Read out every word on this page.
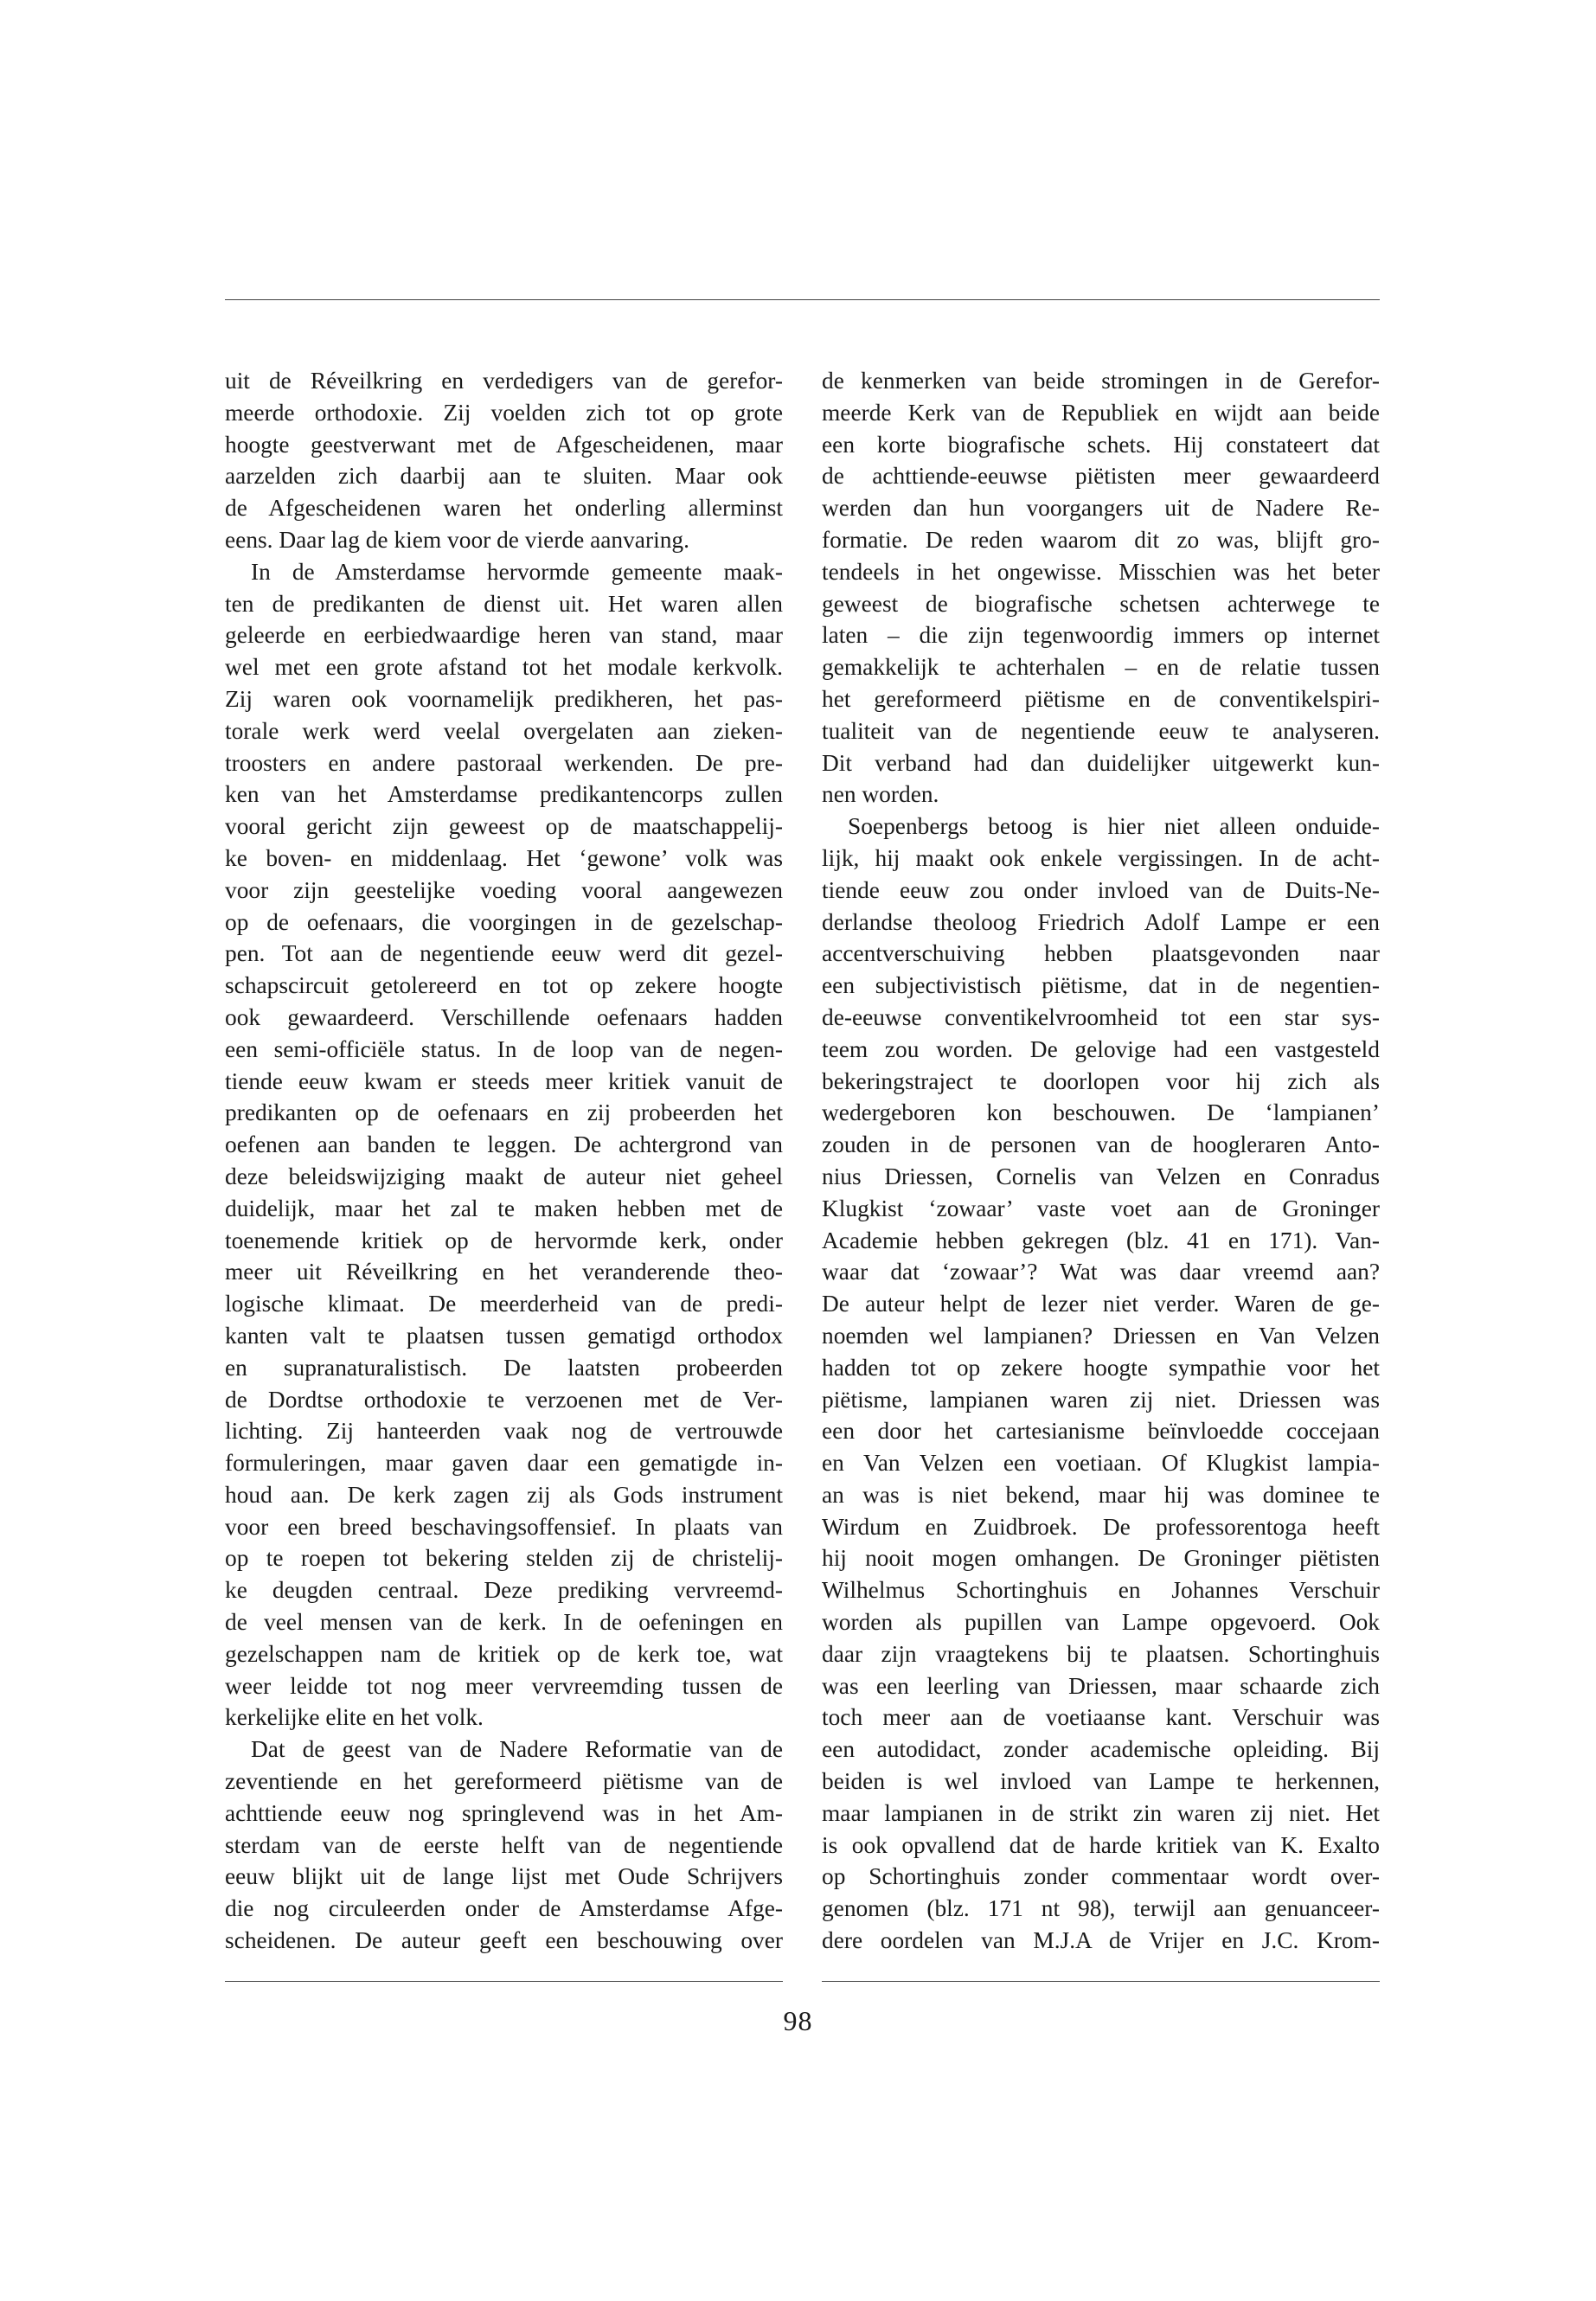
uit de Réveilkring en verdedigers van de gerefor-
meerde orthodoxie. Zij voelden zich tot op grote
hoogte geestverwant met de Afgescheidenen, maar
aarzelden zich daarbij aan te sluiten. Maar ook
de Afgescheidenen waren het onderling allerminst
eens. Daar lag de kiem voor de vierde aanvaring.
In de Amsterdamse hervormde gemeente maak-
ten de predikanten de dienst uit. Het waren allen
geleerde en eerbiedwaardige heren van stand, maar
wel met een grote afstand tot het modale kerkvolk.
Zij waren ook voornamelijk predikheren, het pas-
torale werk werd veelal overgelaten aan zieken-
troosters en andere pastoraal werkenden. De pre-
ken van het Amsterdamse predikantencorps zullen
vooral gericht zijn geweest op de maatschappelij-
ke boven- en middenlaag. Het ‘gewone’ volk was
voor zijn geestelijke voeding vooral aangewezen
op de oefenaars, die voorgingen in de gezelschap-
pen. Tot aan de negentiende eeuw werd dit gezel-
schapscircuit getolereerd en tot op zekere hoogte
ook gewaardeerd. Verschillende oefenaars hadden
een semi-officiële status. In de loop van de negen-
tiende eeuw kwam er steeds meer kritiek vanuit de
predikanten op de oefenaars en zij probeerden het
oefenen aan banden te leggen. De achtergrond van
deze beleidswijziging maakt de auteur niet geheel
duidelijk, maar het zal te maken hebben met de
toenemende kritiek op de hervormde kerk, onder
meer uit Réveilkring en het veranderende theo-
logische klimaat. De meerderheid van de predi-
kanten valt te plaatsen tussen gematigd orthodox
en supranaturalistisch. De laatsten probeerden
de Dordtse orthodoxie te verzoenen met de Ver-
lichting. Zij hanteerden vaak nog de vertrouwde
formuleringen, maar gaven daar een gematigde in-
houd aan. De kerk zagen zij als Gods instrument
voor een breed beschavingsoffensief. In plaats van
op te roepen tot bekering stelden zij de christelij-
ke deugden centraal. Deze prediking vervreemd-
de veel mensen van de kerk. In de oefeningen en
gezelschappen nam de kritiek op de kerk toe, wat
weer leidde tot nog meer vervreemding tussen de
kerkelijke elite en het volk.
Dat de geest van de Nadere Reformatie van de
zeventiende en het gereformeerd piëtisme van de
achttiende eeuw nog springlevend was in het Am-
sterdam van de eerste helft van de negentiende
eeuw blijkt uit de lange lijst met Oude Schrijvers
die nog circuleerden onder de Amsterdamse Afge-
scheidenen. De auteur geeft een beschouwing over
de kenmerken van beide stromingen in de Gerefor-
meerde Kerk van de Republiek en wijdt aan beide
een korte biografische schets. Hij constateert dat
de achttiende-eeuwse piëtisten meer gewaardeerd
werden dan hun voorgangers uit de Nadere Re-
formatie. De reden waarom dit zo was, blijft gro-
tendeels in het ongewisse. Misschien was het beter
geweest de biografische schetsen achterwege te
laten – die zijn tegenwoordig immers op internet
gemakkelijk te achterhalen – en de relatie tussen
het gereformeerd piëtisme en de conventikelspiri-
tualiteit van de negentiende eeuw te analyseren.
Dit verband had dan duidelijker uitgewerkt kun-
nen worden.
Soepenbergs betoog is hier niet alleen onduide-
lijk, hij maakt ook enkele vergissingen. In de acht-
tiende eeuw zou onder invloed van de Duits-Ne-
derlandse theoloog Friedrich Adolf Lampe er een
accentverschuiving hebben plaatsgevonden naar
een subjectivistisch piëtisme, dat in de negentien-
de-eeuwse conventikelvroomheid tot een star sys-
teem zou worden. De gelovige had een vastgesteld
bekeringstraject te doorlopen voor hij zich als
wedergeboren kon beschouwen. De ‘lampianen’
zouden in de personen van de hoogleraren Anto-
nius Driessen, Cornelis van Velzen en Conradus
Klugkist ‘zowaar’ vaste voet aan de Groninger
Academie hebben gekregen (blz. 41 en 171). Van-
waar dat ‘zowaar’? Wat was daar vreemd aan?
De auteur helpt de lezer niet verder. Waren de ge-
noemden wel lampianen? Driessen en Van Velzen
hadden tot op zekere hoogte sympathie voor het
piëtisme, lampianen waren zij niet. Driessen was
een door het cartesianisme beïnvloedde coccejaan
en Van Velzen een voetiaan. Of Klugkist lampia-
an was is niet bekend, maar hij was dominee te
Wirdum en Zuidbroek. De professorentoga heeft
hij nooit mogen omhangen. De Groninger piëtisten
Wilhelmus Schortinghuis en Johannes Verschuir
worden als pupillen van Lampe opgevoerd. Ook
daar zijn vraagtekens bij te plaatsen. Schortinghuis
was een leerling van Driessen, maar schaarde zich
toch meer aan de voetiaanse kant. Verschuir was
een autodidact, zonder academische opleiding. Bij
beiden is wel invloed van Lampe te herkennen,
maar lampianen in de strikt zin waren zij niet. Het
is ook opvallend dat de harde kritiek van K. Exalto
op Schortinghuis zonder commentaar wordt over-
genomen (blz. 171 nt 98), terwijl aan genuanceer-
dere oordelen van M.J.A de Vrijer en J.C. Krom-
98
